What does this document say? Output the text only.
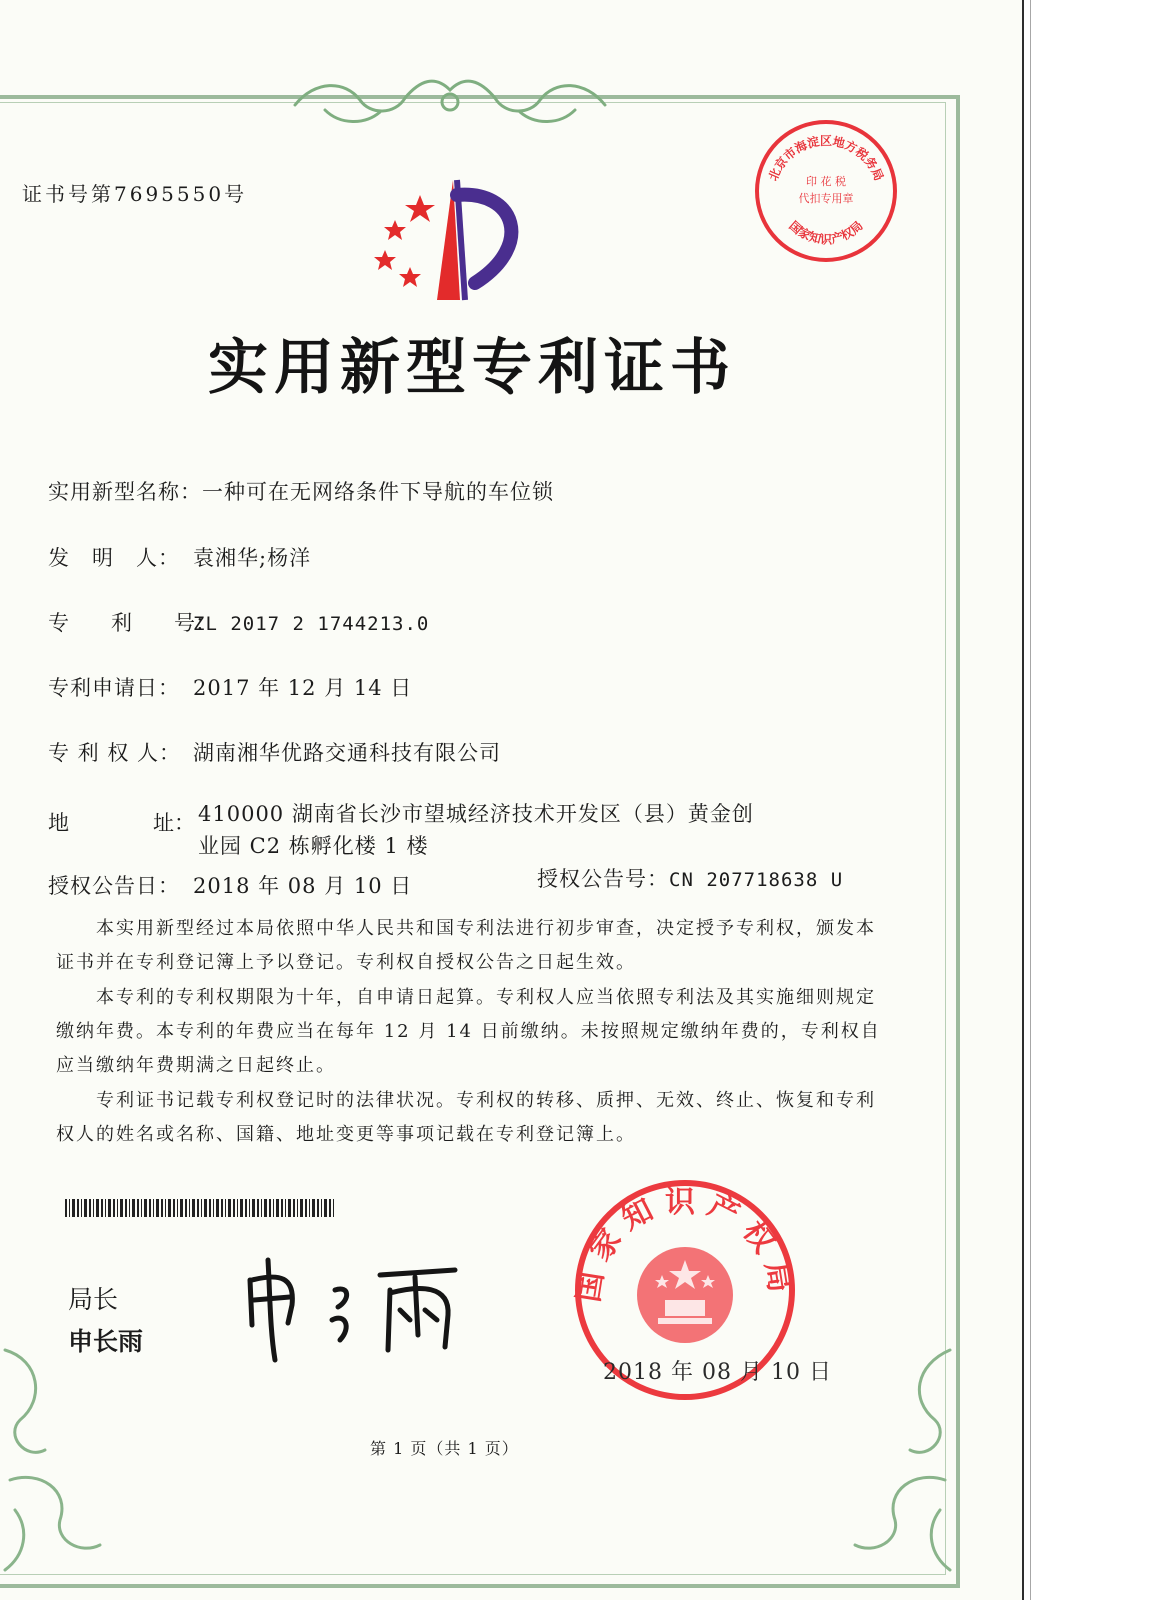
证书号第7695550号
实用新型专利证书
实用新型名称：一种可在无网络条件下导航的车位锁
发　明　人： 袁湘华;杨洋
专　　利　　号：ZL 2017 2 1744213.0
专利申请日： 2017 年 12 月 14 日
专 利 权 人： 湖南湘华优路交通科技有限公司
地　　　　址： 410000 湖南省长沙市望城经济技术开发区（县）黄金创
业园 C2 栋孵化楼 1 楼
授权公告日： 2018 年 08 月 10 日	授权公告号：CN 207718638 U

本实用新型经过本局依照中华人民共和国专利法进行初步审查，决定授予专利权，颁发本证书并在专利登记簿上予以登记。专利权自授权公告之日起生效。

本专利的专利权期限为十年，自申请日起算。专利权人应当依照专利法及其实施细则规定缴纳年费。本专利的年费应当在每年 12 月 14 日前缴纳。未按照规定缴纳年费的，专利权自应当缴纳年费期满之日起终止。

专利证书记载专利权登记时的法律状况。专利权的转移、质押、无效、终止、恢复和专利权人的姓名或名称、国籍、地址变更等事项记载在专利登记簿上。

局长
申长雨
北京市海淀区地方税务局
国家知识产权局
印 花 税
代扣专用章
国家知识产权局
2018 年 08 月 10 日
第 1 页（共 1 页）
